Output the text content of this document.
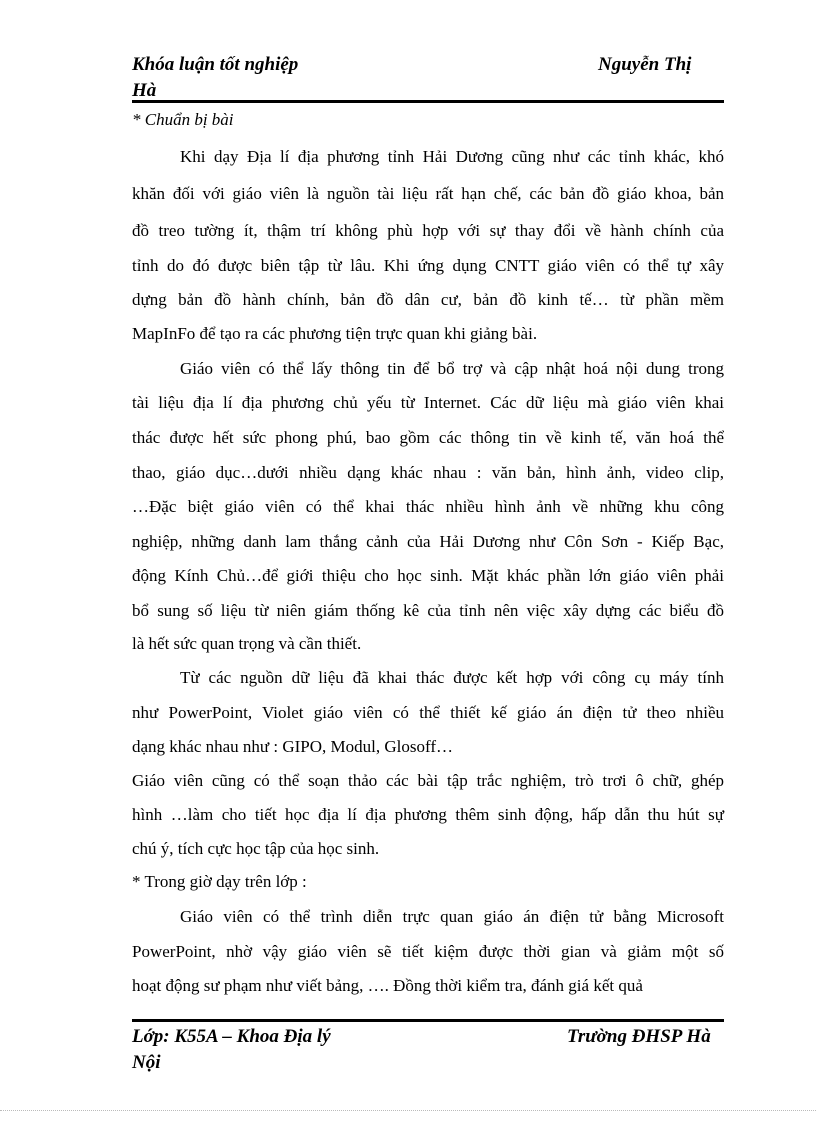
Khóa luận tốt nghiệp	Nguyễn Thị
Hà
* Chuẩn bị bài
Khi dạy Địa lí địa phương tỉnh Hải Dương cũng như các tỉnh khác, khó
khăn đối với giáo viên là nguồn tài liệu rất hạn chế, các bản đồ giáo khoa, bản
đồ treo tường ít, thậm trí không phù hợp với sự thay đổi về hành chính của
tỉnh do đó được biên tập từ lâu. Khi ứng dụng CNTT giáo viên có thể tự xây
dựng bản đồ hành chính, bản đồ dân cư, bản đồ kinh tế… từ phần mềm
MapInFo để tạo ra các phương tiện trực quan khi giảng bài.
Giáo viên có thể lấy thông tin để bổ trợ và cập nhật hoá nội dung trong
tài liệu địa lí địa phương chủ yếu từ Internet. Các dữ liệu mà giáo viên khai
thác được hết sức phong phú, bao gồm các thông tin về kinh tế, văn hoá thể
thao, giáo dục…dưới nhiều dạng khác nhau : văn bản, hình ảnh, video clip,
…Đặc biệt giáo viên có thể khai thác nhiều hình ảnh về những khu công
nghiệp, những danh lam thắng cảnh của Hải Dương như Côn Sơn - Kiếp Bạc,
động Kính Chủ…để giới thiệu cho học sinh. Mặt khác phần lớn giáo viên phải
bổ sung số liệu từ niên giám thống kê của tỉnh nên việc xây dựng các biểu đồ
là hết sức quan trọng và cần thiết.
Từ các nguồn dữ liệu đã khai thác được kết hợp với công cụ máy tính
như PowerPoint, Violet giáo viên có thể thiết kế giáo án điện tử theo nhiều
dạng khác nhau như : GIPO, Modul, Glosoff…
Giáo viên cũng có thể soạn thảo các bài tập trắc nghiệm, trò trơi ô chữ, ghép
hình …làm cho tiết học địa lí địa phương thêm sinh động, hấp dẫn thu hút sự
chú ý, tích cực học tập của học sinh.
* Trong giờ dạy trên lớp :
Giáo viên có thể trình diễn trực quan giáo án điện tử bằng Microsoft
PowerPoint, nhờ vậy giáo viên sẽ tiết kiệm được thời gian và giảm một số
hoạt động sư phạm như viết bảng, …. Đồng thời kiểm tra, đánh giá kết quả
Lớp: K55A – Khoa Địa lý	Trường ĐHSP Hà
Nội
